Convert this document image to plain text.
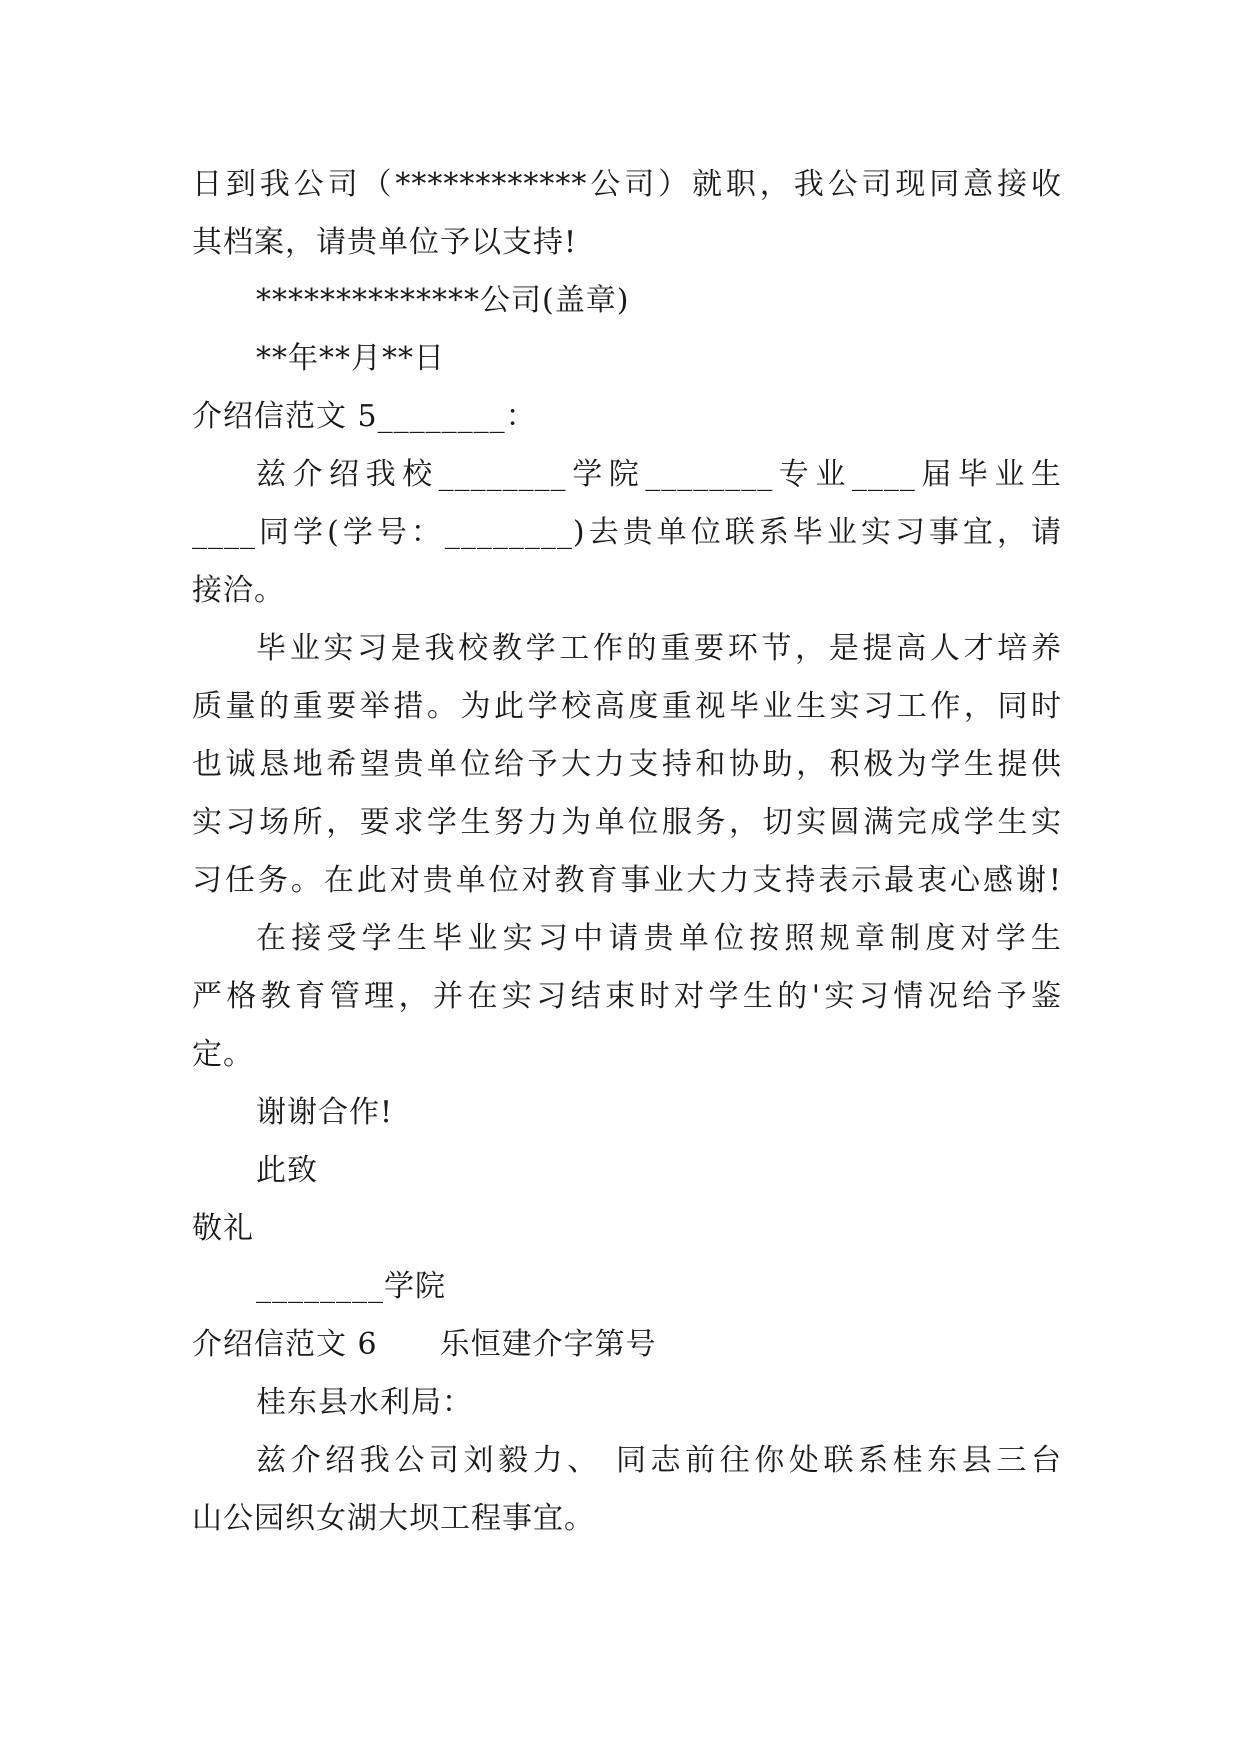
日到我公司（************公司）就职，我公司现同意接收
其档案，请贵单位予以支持!
**************公司(盖章)
**年**月**日
介绍信范文 5________：
兹介绍我校________学院________专业____届毕业生
____同学(学号：________)去贵单位联系毕业实习事宜，请
接洽。
毕业实习是我校教学工作的重要环节，是提高人才培养
质量的重要举措。为此学校高度重视毕业生实习工作，同时
也诚恳地希望贵单位给予大力支持和协助，积极为学生提供
实习场所，要求学生努力为单位服务，切实圆满完成学生实
习任务。在此对贵单位对教育事业大力支持表示最衷心感谢!
在接受学生毕业实习中请贵单位按照规章制度对学生
严格教育管理，并在实习结束时对学生的'实习情况给予鉴
定。
谢谢合作!
此致
敬礼
________学院
介绍信范文 6　　乐恒建介字第号
桂东县水利局：
兹介绍我公司刘毅力、 同志前往你处联系桂东县三台
山公园织女湖大坝工程事宜。
